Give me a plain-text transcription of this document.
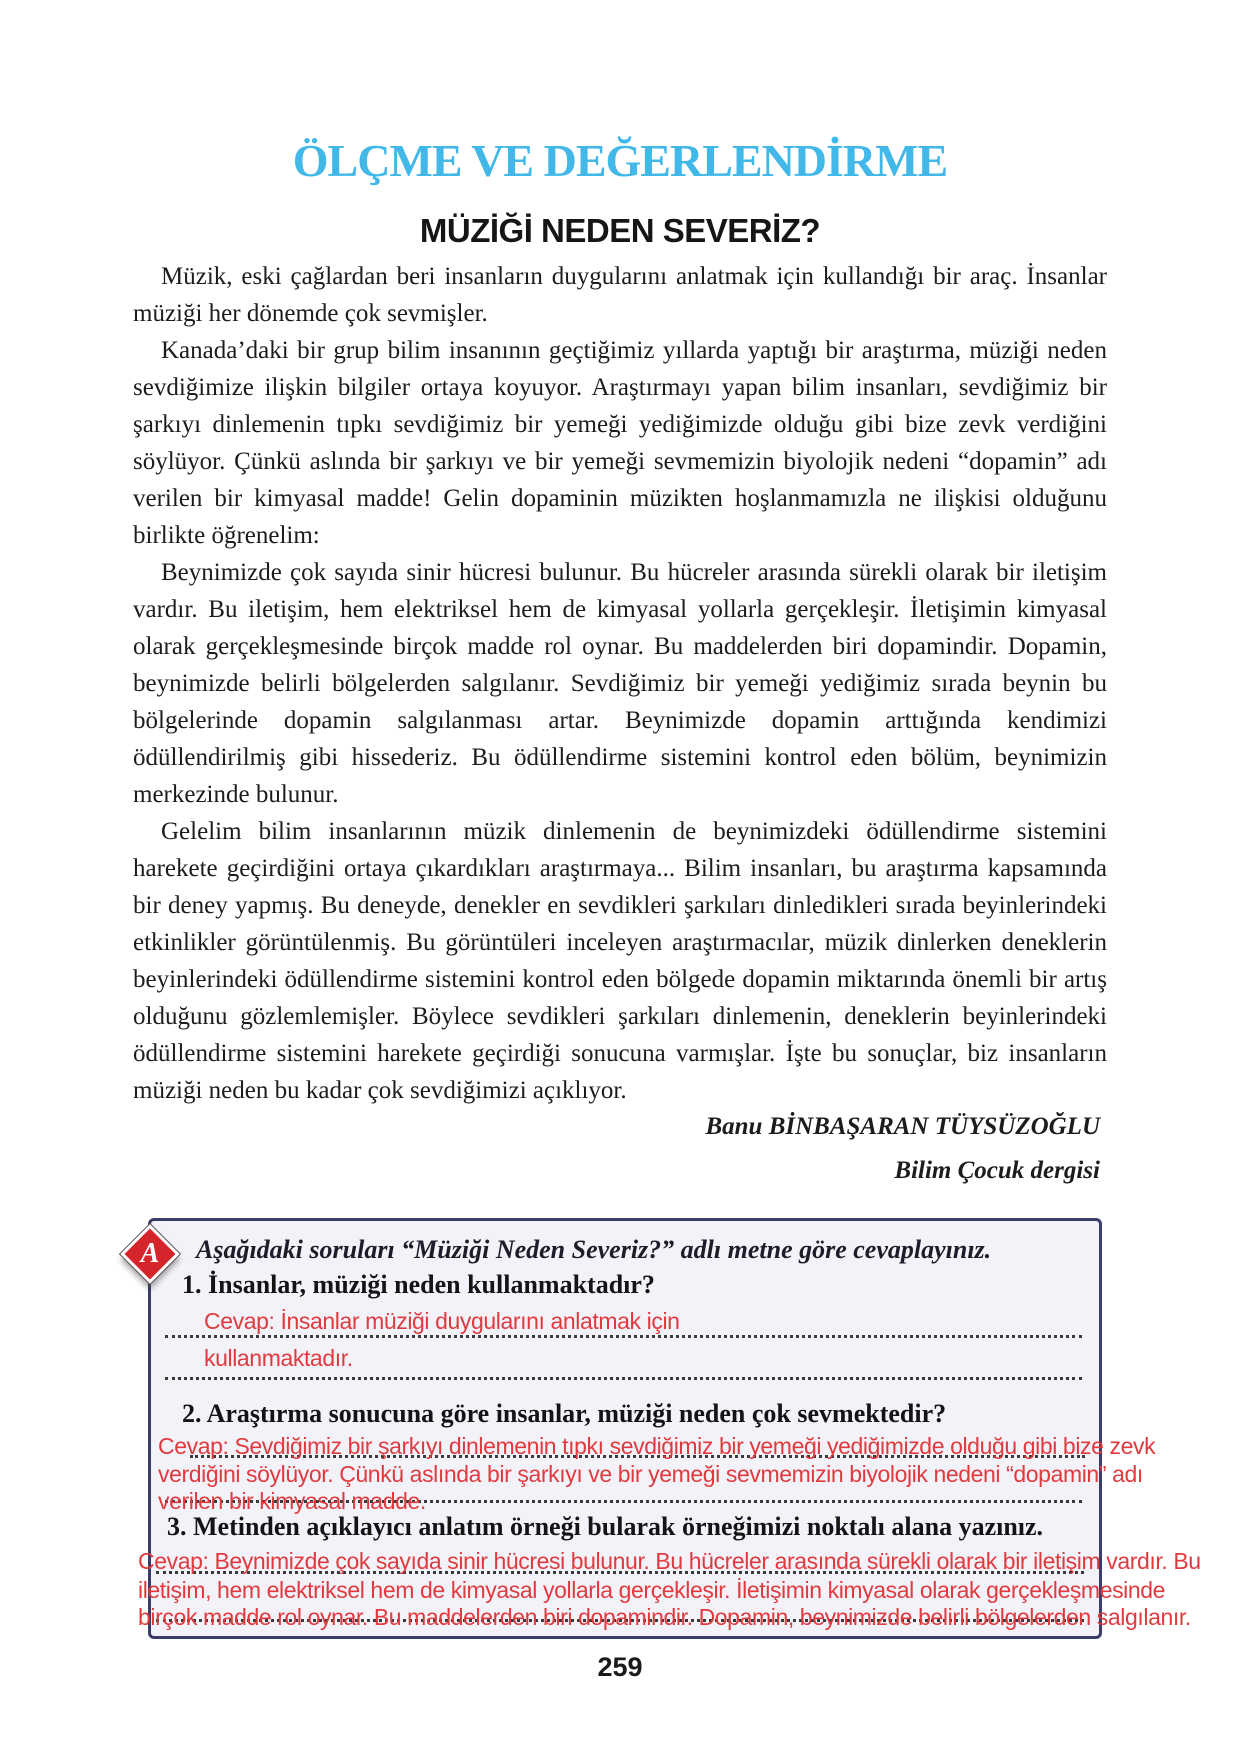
ÖLÇME VE DEĞERLENDİRME
MÜZİĞİ NEDEN SEVERİZ?

Müzik, eski çağlardan beri insanların duygularını anlatmak için kullandığı bir araç. İnsanlar müziği her dönemde çok sevmişler.

Kanada’daki bir grup bilim insanının geçtiğimiz yıllarda yaptığı bir araştırma, müziği neden sevdiğimize ilişkin bilgiler ortaya koyuyor. Araştırmayı yapan bilim insanları, sevdiğimiz bir şarkıyı dinlemenin tıpkı sevdiğimiz bir yemeği yediğimizde olduğu gibi bize zevk verdiğini söylüyor. Çünkü aslında bir şarkıyı ve bir yemeği sevmemizin biyolojik nedeni “dopamin” adı verilen bir kimyasal madde! Gelin dopaminin müzikten hoşlanmamızla ne ilişkisi olduğunu birlikte öğrenelim:

Beynimizde çok sayıda sinir hücresi bulunur. Bu hücreler arasında sürekli olarak bir iletişim vardır. Bu iletişim, hem elektriksel hem de kimyasal yollarla gerçekleşir. İletişimin kimyasal olarak gerçekleşmesinde birçok madde rol oynar. Bu maddelerden biri dopamindir. Dopamin, beynimizde belirli bölgelerden salgılanır. Sevdiğimiz bir yemeği yediğimiz sırada beynin bu bölgelerinde dopamin salgılanması artar. Beynimizde dopamin arttığında kendimizi ödüllendirilmiş gibi hissederiz. Bu ödüllendirme sistemini kontrol eden bölüm, beynimizin merkezinde bulunur.

Gelelim bilim insanlarının müzik dinlemenin de beynimizdeki ödüllendirme sistemini harekete geçirdiğini ortaya çıkardıkları araştırmaya... Bilim insanları, bu araştırma kapsamında bir deney yapmış. Bu deneyde, denekler en sevdikleri şarkıları dinledikleri sırada beyinlerindeki etkinlikler görüntülenmiş. Bu görüntüleri inceleyen araştırmacılar, müzik dinlerken deneklerin beyinlerindeki ödüllendirme sistemini kontrol eden bölgede dopamin miktarında önemli bir artış olduğunu gözlemlemişler. Böylece sevdikleri şarkıları dinlemenin, deneklerin beyinlerindeki ödüllendirme sistemini harekete geçirdiği sonucuna varmışlar. İşte bu sonuçlar, biz insanların müziği neden bu kadar çok sevdiğimizi açıklıyor.

Banu BİNBAŞARAN TÜYSÜZOĞLU
Bilim Çocuk dergisi
A	Aşağıdaki soruları “Müziği Neden Severiz?” adlı metne göre cevaplayınız.
1. İnsanlar, müziği neden kullanmaktadır?
Cevap: İnsanlar müziği duygularını anlatmak için
kullanmaktadır.
2. Araştırma sonucuna göre insanlar, müziği neden çok sevmektedir?
Cevap: Sevdiğimiz bir şarkıyı dinlemenin tıpkı sevdiğimiz bir yemeği yediğimizde olduğu gibi bize zevk
verdiğini söylüyor. Çünkü aslında bir şarkıyı ve bir yemeği sevmemizin biyolojik nedeni “dopamin” adı
verilen bir kimyasal madde.
3. Metinden açıklayıcı anlatım örneği bularak örneğimizi noktalı alana yazınız.
Cevap: Beynimizde çok sayıda sinir hücresi bulunur. Bu hücreler arasında sürekli olarak bir iletişim vardır. Bu
iletişim, hem elektriksel hem de kimyasal yollarla gerçekleşir. İletişimin kimyasal olarak gerçekleşmesinde
birçok madde rol oynar. Bu maddelerden biri dopamindir. Dopamin, beynimizde belirli bölgelerden salgılanır.
259
